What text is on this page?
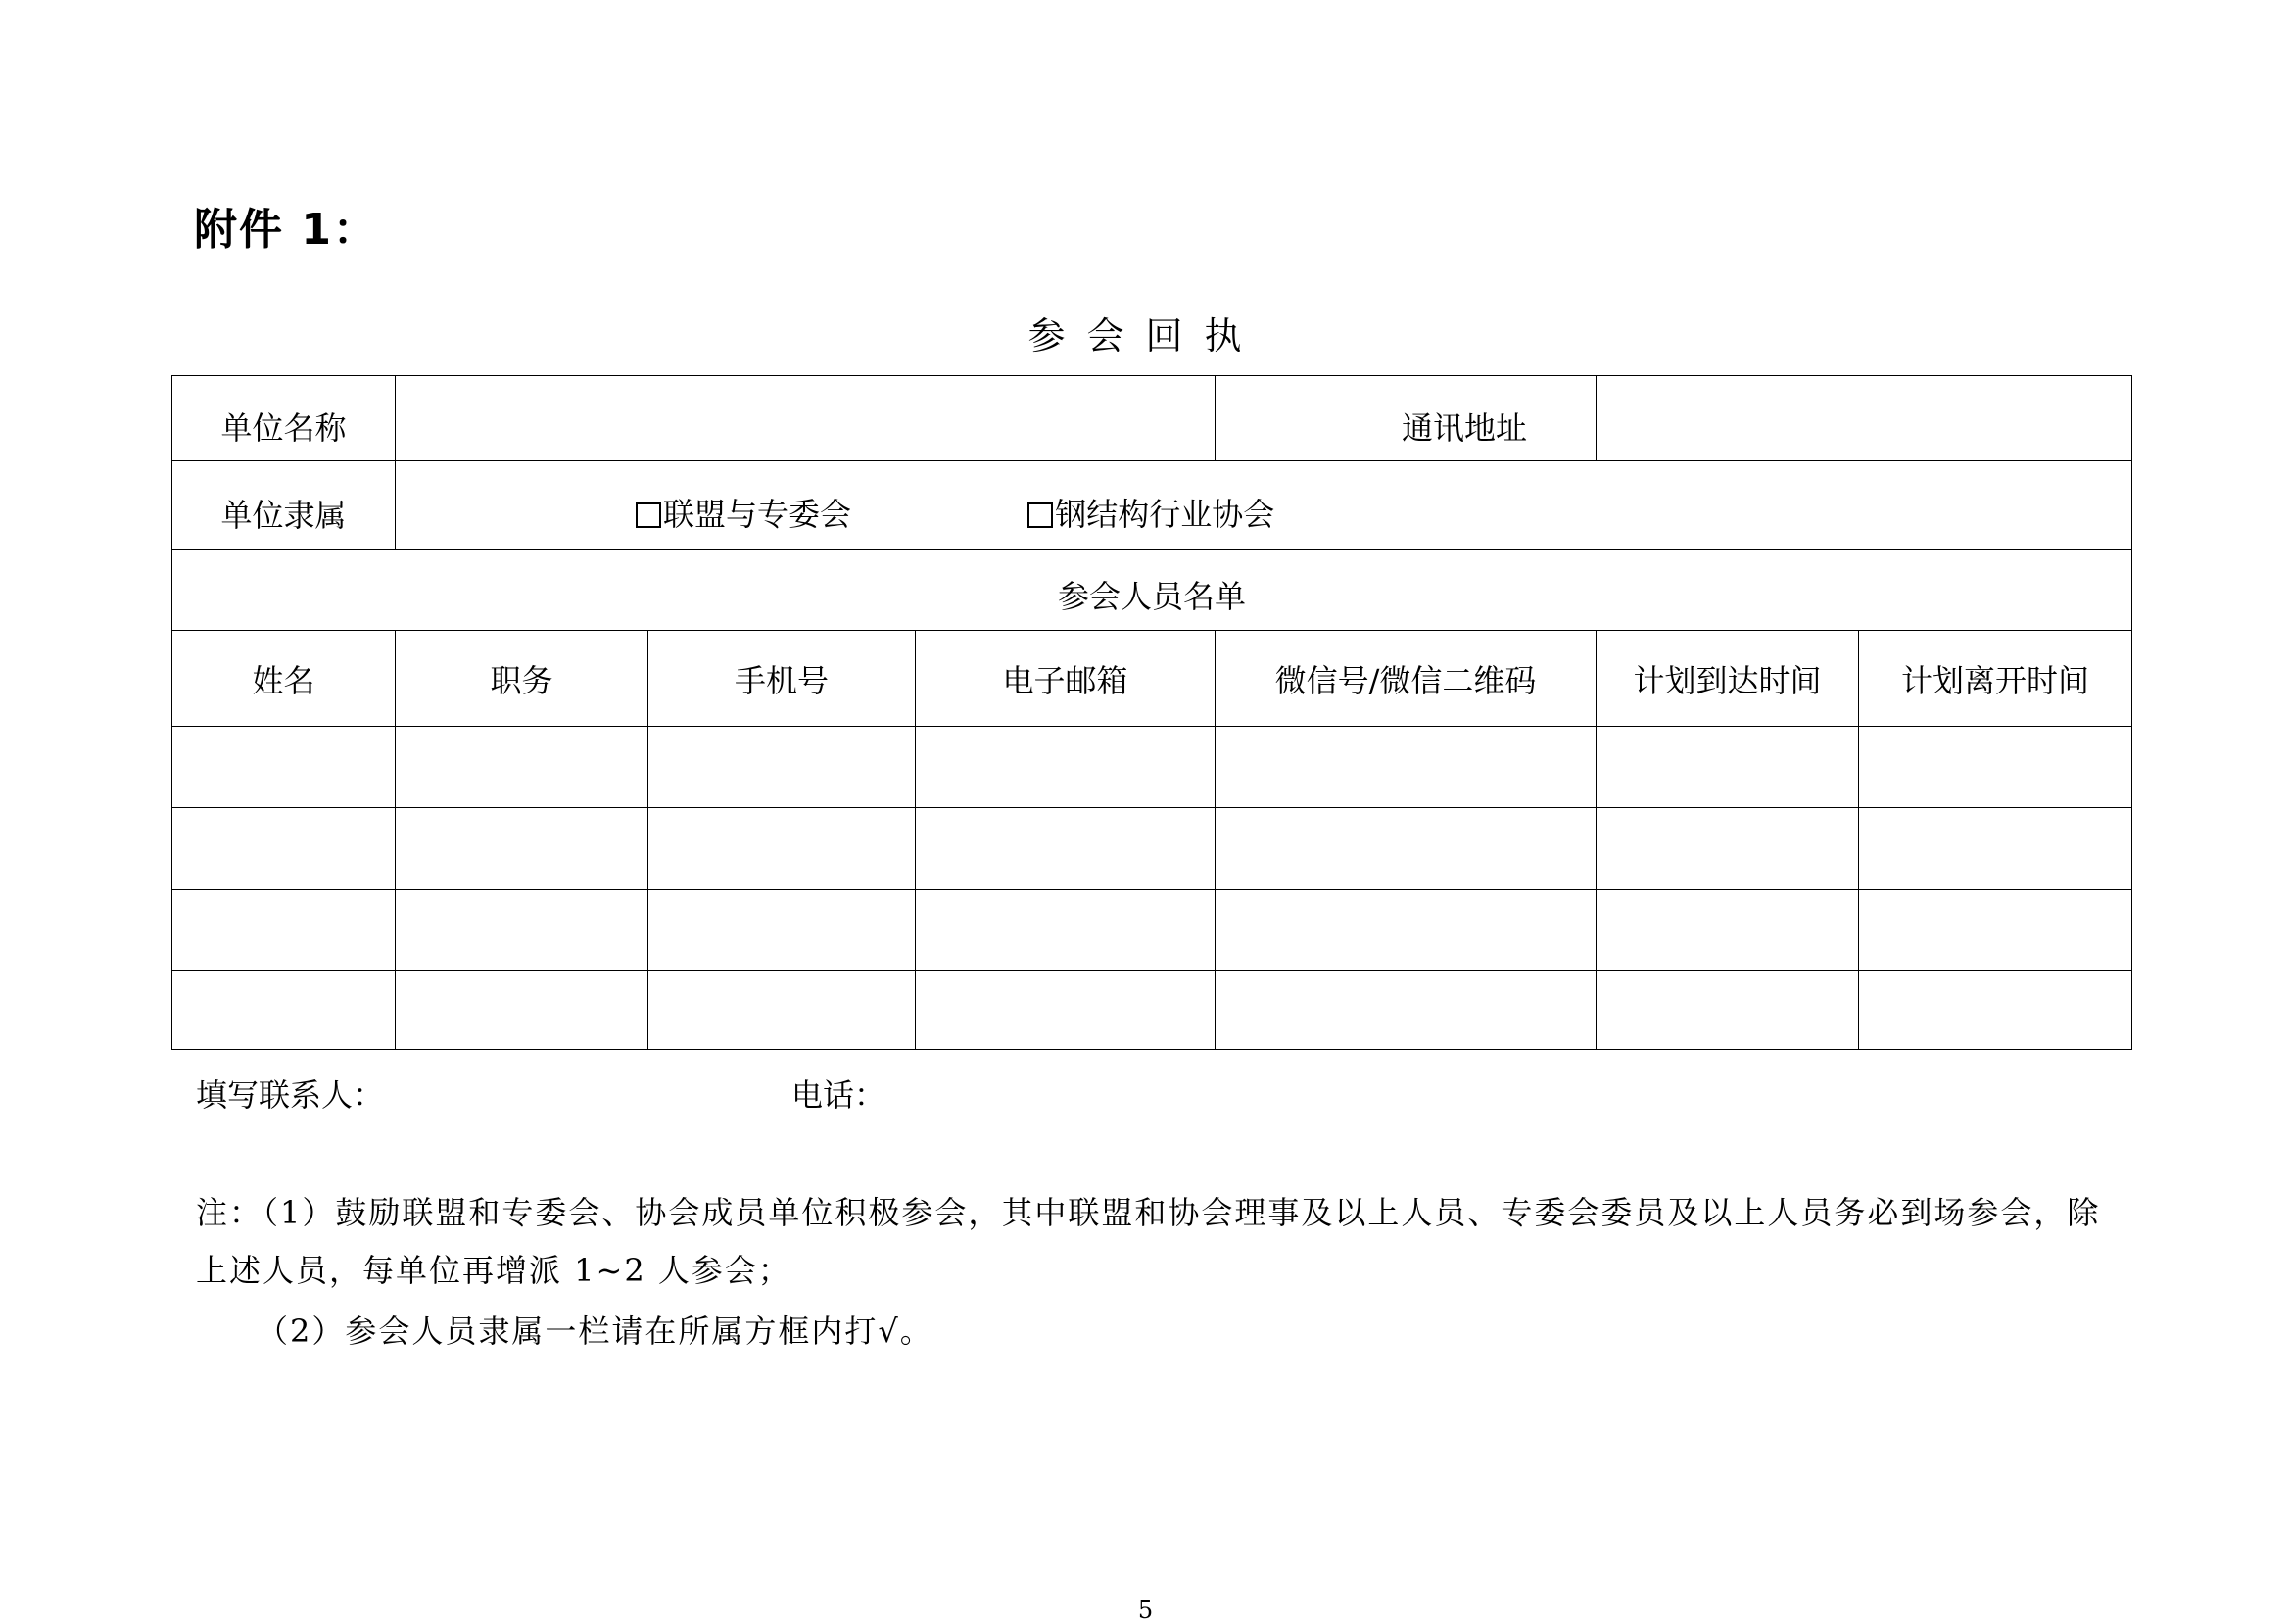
附件 1：
参会回执
单位名称				通讯地址		
单位隶属	联盟与专委会 钢结构行业协会					
参会人员名单						
姓名	职务	手机号	电子邮箱	微信号/微信二维码	计划到达时间	计划离开时间

填写联系人：	电话：
注：（1）鼓励联盟和专委会、协会成员单位积极参会，其中联盟和协会理事及以上人员、专委会委员及以上人员务必到场参会，除
上述人员，每单位再增派 1~2 人参会；
（2）参会人员隶属一栏请在所属方框内打√。
5
